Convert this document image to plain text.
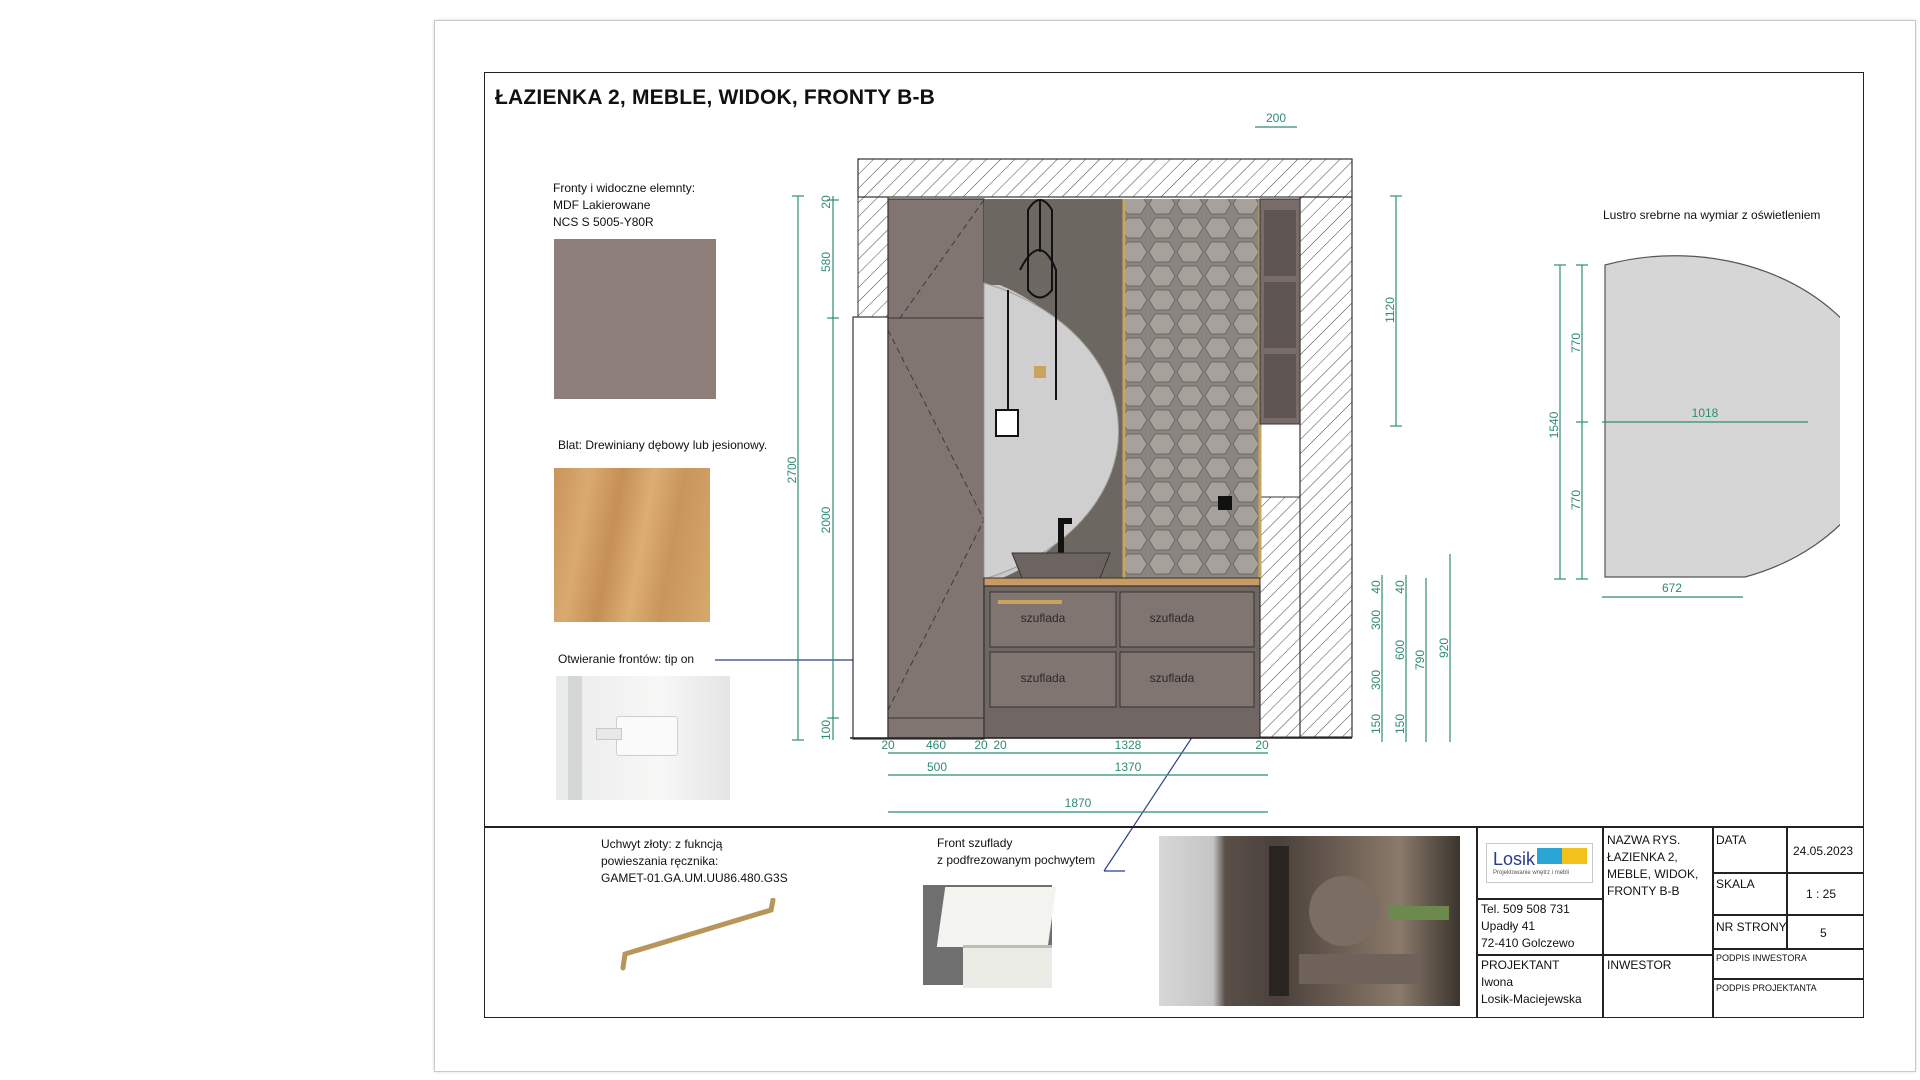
ŁAZIENKA 2, MEBLE, WIDOK, FRONTY B-B
Fronty i widoczne elemnty:
MDF Lakierowane
NCS S 5005-Y80R
Blat: Drewiniany dębowy lub jesionowy.
Otwieranie frontów: tip on
szuflada	szuflada
szuflada	szuflada
200
2700
20
580
2000
100
1120
40 40
300
300
150 150
600 790
920
20	460 20 20	1328	20
500	1370
1870
Lustro srebrne na wymiar z oświetleniem
1540
770
770
1018
672
Uchwyt złoty: z fukncją
powieszania ręcznika:
GAMET-01.GA.UM.UU86.480.G3S
Front szuflady
z podfrezowanym pochwytem	Losik
Projektowanie wnętrz i mebli
Tel. 509 508 731
Upadły 41
72-410 Golczewo
PROJEKTANT
Iwona
Losik-Maciejewska
NAZWA RYS.
ŁAZIENKA 2,
MEBLE, WIDOK,
FRONTY B-B
INWESTOR
DATA
24.05.2023
SKALA
1 : 25
NR STRONY	5
PODPIS INWESTORA
PODPIS PROJEKTANTA
